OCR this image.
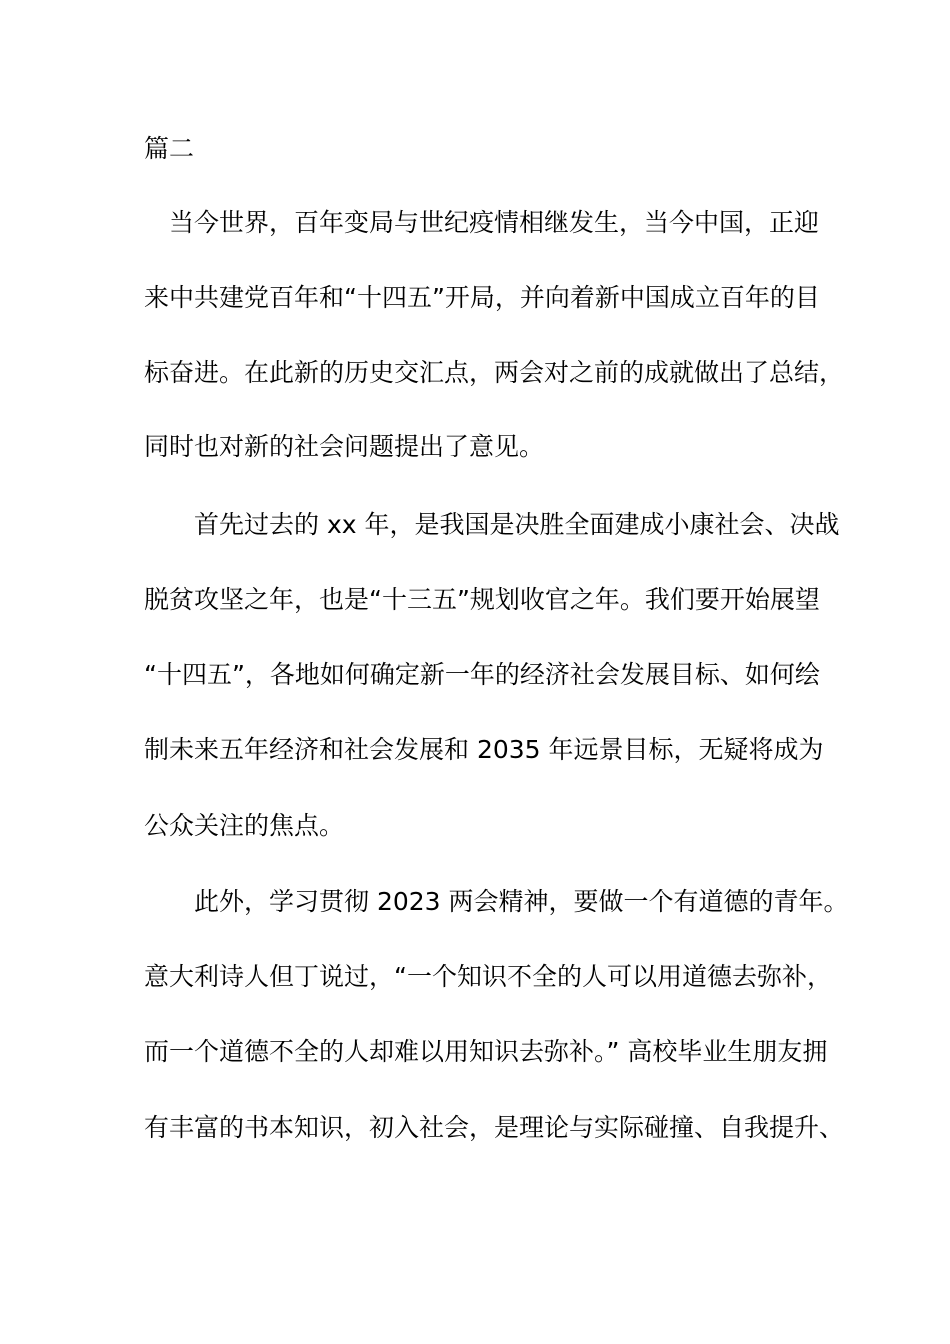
篇二
　当今世界，百年变局与世纪疫情相继发生，当今中国，正迎
来中共建党百年和“十四五”开局，并向着新中国成立百年的目
标奋进。在此新的历史交汇点，两会对之前的成就做出了总结，
同时也对新的社会问题提出了意见。
　　首先过去的 xx 年，是我国是决胜全面建成小康社会、决战
脱贫攻坚之年，也是“十三五”规划收官之年。我们要开始展望
“十四五”，各地如何确定新一年的经济社会发展目标、如何绘
制未来五年经济和社会发展和 2035 年远景目标，无疑将成为
公众关注的焦点。
　　此外，学习贯彻 2023 两会精神，要做一个有道德的青年。
意大利诗人但丁说过，“一个知识不全的人可以用道德去弥补，
而一个道德不全的人却难以用知识去弥补。” 高校毕业生朋友拥
有丰富的书本知识，初入社会，是理论与实际碰撞、自我提升、
